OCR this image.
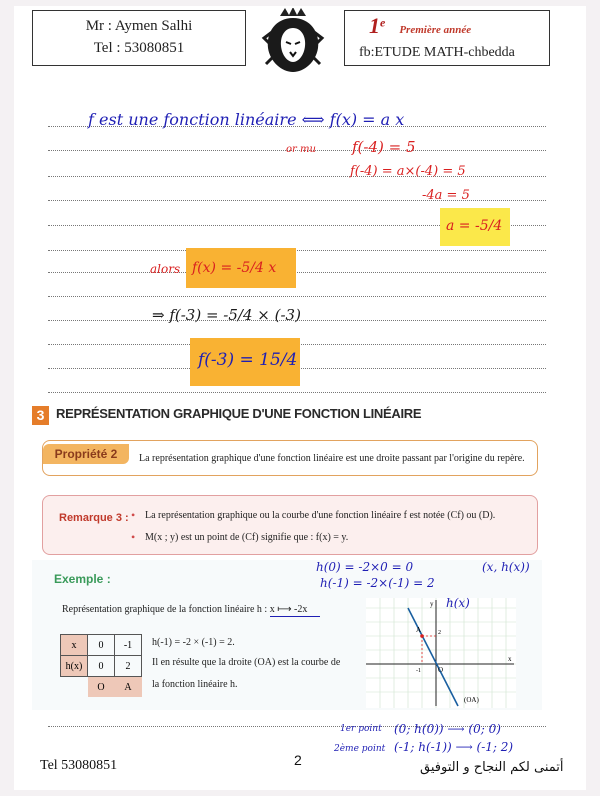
Mr : Aymen Salhi
Tel : 53080851
1e Première année
fb:ETUDE MATH-chbedda
f est une fonction linéaire ⟺ f(x) = a x
or mu f(-4) = 5
f(-4) = a×(-4) = 5
-4a = 5
a = -5/4
alors f(x) = -5/4 x
⇒ f(-3) = -5/4 × (-3)
f(-3) = 15/4
3 REPRÉSENTATION GRAPHIQUE D'UNE FONCTION LINÉAIRE
Propriété 2	La représentation graphique d'une fonction linéaire est une droite passant par l'origine du repère.
Remarque 3 : • La représentation graphique ou la courbe d'une fonction linéaire f est notée (Cf) ou (D).
• M(x ; y) est un point de (Cf) signifie que : f(x) = y.
Exemple :
h(0) = -2×0 = 0
h(-1) = -2×(-1) = 2
(x, h(x))
Représentation graphique de la fonction linéaire h : x ⟼ -2x
x	0	-1
h(x)	0	2
	O	A
h(-1) = -2 × (-1) = 2.
Il en résulte que la droite (OA) est la courbe de
la fonction linéaire h.
A	2
-1 O
(OA)
y
x
h(x)
1er point (0; h(0)) ⟶ (0; 0)
2ème point (-1; h(-1)) ⟶ (-1; 2)
Tel 53080851	2	أتمنى لكم النجاح و التوفيق
